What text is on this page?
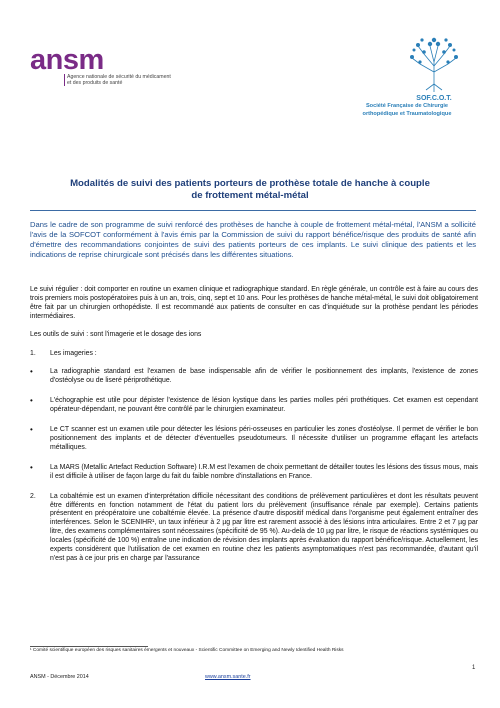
ansm
Agence nationale de sécurité du médicament
et des produits de santé
SOF.C.O.T.
Société Française de Chirurgie
orthopédique et Traumatologique
Modalités de suivi des patients porteurs de prothèse totale de hanche à couple
de frottement métal-métal
Dans le cadre de son programme de suivi renforcé des prothèses de hanche à couple de frottement métal-métal, l'ANSM a sollicité l'avis de la SOFCOT conformément à l'avis émis par la Commission de suivi du rapport bénéfice/risque des produits de santé afin d'émettre des recommandations conjointes de suivi des patients porteurs de ces implants. Le suivi clinique des patients et les indications de reprise chirurgicale sont précisés dans les différentes situations.

Le suivi régulier : doit comporter en routine un examen clinique et radiographique standard. En règle générale, un contrôle est à faire au cours des trois premiers mois postopératoires puis à un an, trois, cinq, sept et 10 ans. Pour les prothèses de hanche métal-métal, le suivi doit obligatoirement être fait par un chirurgien orthopédiste. Il est recommandé aux patients de consulter en cas d'inquiétude sur la prothèse pendant les périodes intermédiaires.

Les outils de suivi : sont l'imagerie et le dosage des ions

1.	Les imageries :
•	La radiographie standard est l'examen de base indispensable afin de vérifier le positionnement des implants, l'existence de zones d'ostéolyse ou de liseré périprothétique.
•	L'échographie est utile pour dépister l'existence de lésion kystique dans les parties molles péri prothétiques. Cet examen est cependant opérateur-dépendant, ne pouvant être contrôlé par le chirurgien examinateur.
•	Le CT scanner est un examen utile pour détecter les lésions péri-osseuses en particulier les zones d'ostéolyse. Il permet de vérifier le bon positionnement des implants et de détecter d'éventuelles pseudotumeurs. Il nécessite d'utiliser un programme effaçant les artefacts métalliques.
•	La MARS (Metallic Artefact Reduction Software) I.R.M est l'examen de choix permettant de détailler toutes les lésions des tissus mous, mais il est difficile à utiliser de façon large du fait du faible nombre d'installations en France.
2.	La cobaltémie est un examen d'interprétation difficile nécessitant des conditions de prélèvement particulières et dont les résultats peuvent être différents en fonction notamment de l'état du patient lors du prélèvement (insuffisance rénale par exemple). Certains patients présentent en préopératoire une cobaltémie élevée. La présence d'autre dispositif médical dans l'organisme peut également entraîner des interférences. Selon le SCENIHR¹, un taux inférieur à 2 µg par litre est rarement associé à des lésions intra articulaires. Entre 2 et 7 µg par litre, des examens complémentaires sont nécessaires (spécificité de 95 %). Au-delà de 10 µg par litre, le risque de réactions systémiques ou locales (spécificité de 100 %) entraîne une indication de révision des implants après évaluation du rapport bénéfice/risque. Actuellement, les experts considèrent que l'utilisation de cet examen en routine chez les patients asymptomatiques n'est pas recommandée, d'autant qu'il n'est pas à ce jour pris en charge par l'assurance
¹ Comité scientifique européen des risques sanitaires émergents et nouveaux - Scientific Committee on Emerging and Newly Identified Health Risks
1
ANSM - Décembre 2014	www.ansm.sante.fr
